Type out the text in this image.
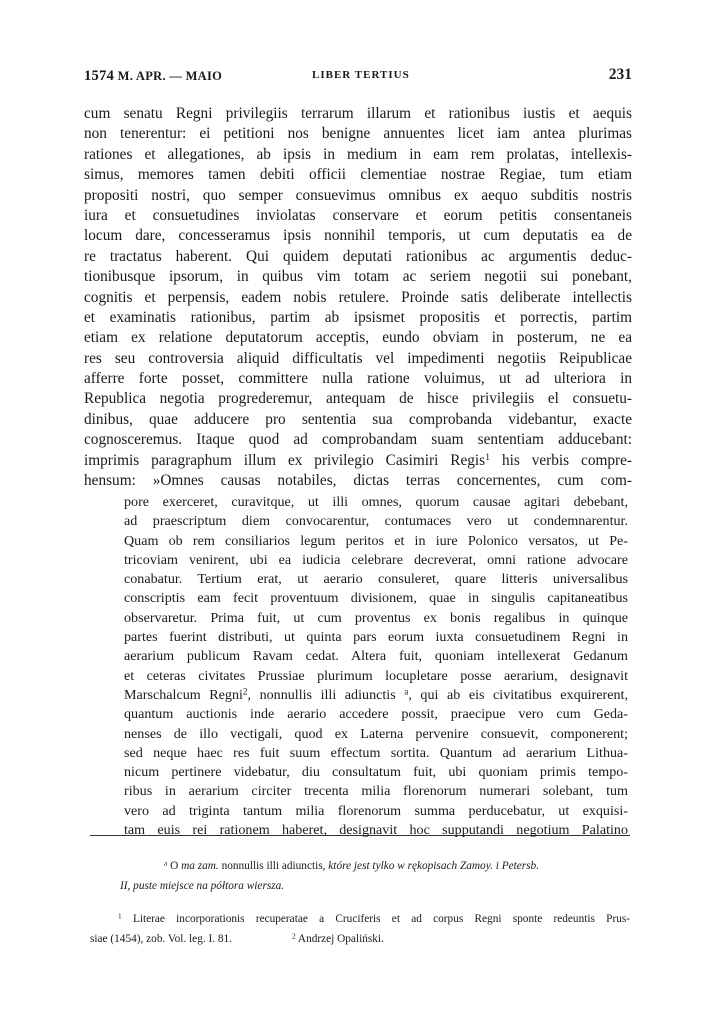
1574 M. APR. — MAIO	LIBER TERTIUS	231
cum senatu Regni privilegiis terrarum illarum et rationibus iustis et aequis
non tenerentur: ei petitioni nos benigne annuentes licet iam antea plurimas
rationes et allegationes, ab ipsis in medium in eam rem prolatas, intellexis-
simus, memores tamen debiti officii clementiae nostrae Regiae, tum etiam
propositi nostri, quo semper consuevimus omnibus ex aequo subditis nostris
iura et consuetudines inviolatas conservare et eorum petitis consentaneis
locum dare, concesseramus ipsis nonnihil temporis, ut cum deputatis ea de
re tractatus haberent. Qui quidem deputati rationibus ac argumentis deduc-
tionibusque ipsorum, in quibus vim totam ac seriem negotii sui ponebant,
cognitis et perpensis, eadem nobis retulere. Proinde satis deliberate intellectis
et examinatis rationibus, partim ab ipsismet propositis et porrectis, partim
etiam ex relatione deputatorum acceptis, eundo obviam in posterum, ne ea
res seu controversia aliquid difficultatis vel impedimenti negotiis Reipublicae
afferre forte posset, committere nulla ratione voluimus, ut ad ulteriora in
Republica negotia progrederemur, antequam de hisce privilegiis el consuetu-
dinibus, quae adducere pro sententia sua comprobanda videbantur, exacte
cognosceremus. Itaque quod ad comprobandam suam sententiam adducebant:
imprimis paragraphum illum ex privilegio Casimiri Regis$^1$ his verbis compre-
hensum: »Omnes causas notabiles, dictas terras concernentes, cum com-
pore exerceret, curavitque, ut illi omnes, quorum causae agitari debebant,
ad praescriptum diem convocarentur, contumaces vero ut condemnarentur.
Quam ob rem consiliarios legum peritos et in iure Polonico versatos, ut Pe-
tricoviam venirent, ubi ea iudicia celebrare decreverat, omni ratione advocare
conabatur. Tertium erat, ut aerario consuleret, quare litteris universalibus
conscriptis eam fecit proventuum divisionem, quae in singulis capitaneatibus
observaretur. Prima fuit, ut cum proventus ex bonis regalibus in quinque
partes fuerint distributi, ut quinta pars eorum iuxta consuetudinem Regni in
aerarium publicum Ravam cedat. Altera fuit, quoniam intellexerat Gedanum
et ceteras civitates Prussiae plurimum locupletare posse aerarium, designavit
Marschalcum Regni$^2$, nonnullis illi adiunctis $^a$, qui ab eis civitatibus exquirerent,
quantum auctionis inde aerario accedere possit, praecipue vero cum Geda-
nenses de illo vectigali, quod ex Laterna pervenire consuevit, componerent;
sed neque haec res fuit suum effectum sortita. Quantum ad aerarium Lithua-
nicum pertinere videbatur, diu consultatum fuit, ubi quoniam primis tempo-
ribus in aerarium circiter trecenta milia florenorum numerari solebant, tum
vero ad triginta tantum milia florenorum summa perducebatur, ut exquisi-
tam euis rei rationem haberet, designavit hoc supputandi negotium Palatino
$^a$ O ma zam. nonnullis illi adiunctis, które jest tylko w rękopisach Zamoy. i Petersb.
II, puste miejsce na półtora wiersza.
$^1$ Literae incorporationis recuperatae a Cruciferis et ad corpus Regni sponte redeuntis Prus-
siae (1454), zob. Vol. leg. I. 81.	$^2$ Andrzej Opaliński.
